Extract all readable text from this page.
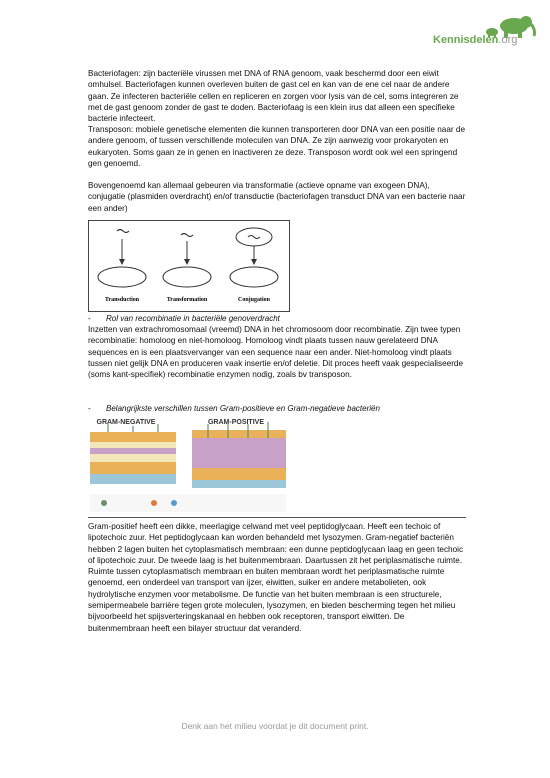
Kennisdelen.org

Bacteriofagen: zijn bacteriële virussen met DNA of RNA genoom, vaak beschermd door een eiwit omhulsel. Bacteriofagen kunnen overleven buiten de gast cel en kan van de ene cel naar de andere gaan. Ze infecteren bacteriële cellen en repliceren en zorgen voor lysis van de cel, soms integreren ze met de gast genoom zonder de gast te doden. Bacteriofaag is een klein irus dat alleen een specifieke bacterie infecteert.

Transposon: mobiele genetische elementen die kunnen transporteren door DNA van een positie naar de andere genoom, of tussen verschillende moleculen van DNA. Ze zijn aanwezig voor prokaryoten en eukaryoten. Soms gaan ze in genen en inactiveren ze deze. Transposon wordt ook wel een springend gen genoemd.

Bovengenoemd kan allemaal gebeuren via transformatie (actieve opname van exogeen DNA), conjugatie (plasmiden overdracht) en/of transductie (bacteriofagen transduct DNA van een bacterie naar een ander)

Transduction	Transformation	Conjugation
- Rol van recombinatie in bacteriële genoverdracht

Inzetten van extrachromosomaal (vreemd) DNA in het chromosoom door recombinatie. Zijn twee typen recombinatie: homoloog en niet-homoloog. Homoloog vindt plaats tussen nauw gerelateerd DNA sequences en is een plaatsvervanger van een sequence naar een ander. Niet-homoloog vindt plaats tussen niet gelijk DNA en produceren vaak insertie en/of deletie. Dit proces heeft vaak gespecialiseerde (soms kant-specifiek) recombinatie enzymen nodig, zoals bv transposon.

- Belangrijkste verschillen tussen Gram-positieve en Gram-negatieve bacteriën
GRAM-NEGATIVE	GRAM-POSITIVE

Gram-positief heeft een dikke, meerlagige celwand met veel peptidoglycaan. Heeft een techoic of lipotechoic zuur. Het peptidoglycaan kan worden behandeld met lysozymen. Gram-negatief bacteriën hebben 2 lagen buiten het cytoplasmatisch membraan: een dunne peptidoglycaan laag en geen techoic of lipotechoic zuur. De tweede laag is het buitenmembraan. Daartussen zit het periplasmatische ruimte. Ruimte tussen cytoplasmatisch membraan en buiten membraan wordt het periplasmatische ruimte genoemd, een onderdeel van transport van ijzer, eiwitten, suiker en andere metabolieten, ook hydrolytische enzymen voor metabolisme. De functie van het buiten membraan is een structurele, semipermeabele barrière tegen grote moleculen, lysozymen, en bieden bescherming tegen het milieu bijvoorbeeld het spijsverteringskanaal en hebben ook receptoren, transport eiwitten. De buitenmembraan heeft een bilayer structuur dat veranderd.

Denk aan het milieu voordat je dit document print.
